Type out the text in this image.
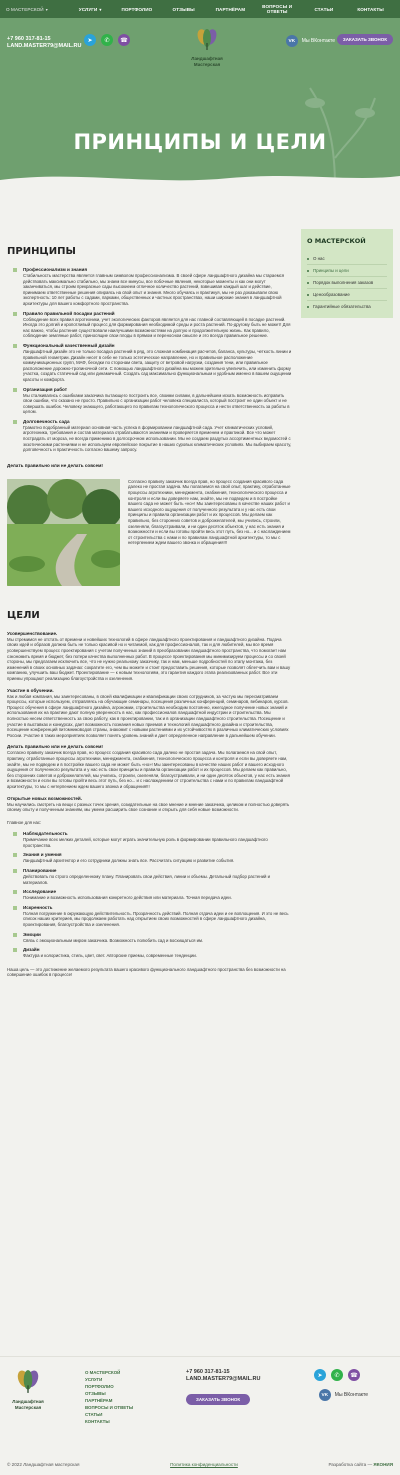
О МАСТЕРСКОЙ ▾	УСЛУГИ ▾	ПОРТФОЛИО	ОТЗЫВЫ	ПАРТНЁРАМ	ВОПРОСЫ И ОТВЕТЫ	СТАТЬИ	КОНТАКТЫ
+7 960 317-81-15
LAND.MASTER79@MAIL.RU
➤	✆	☎
Ландшафтная
Мастерская
VK	Мы ВКонтакте	ЗАКАЗАТЬ ЗВОНОК
ПРИНЦИПЫ И ЦЕЛИ
О МАСТЕРСКОЙ
О нас
Принципы и цели
Порядок выполнения заказов
Ценообразование
Гарантийные обязательства
ПРИНЦИПЫ
Профессионализм и знания
Стабильность мастерства является главным символом профессионализма. В своей сфере ландшафтного дизайна мы стараемся действовать максимально стабильно, мы знаем все минусы, все побочные явления, некоторые моменты и как они могут заканчиваться, мы строим прекрасные сады высокиеем отличное количество растений, взвешивая каждый шаг и действие, принимаем ответственные решения опираясь на свой опыт и знания. Много обучаясь и практикуя, мы не раз доказывали свою экспертность: 10 лет работы с садами, парками, общественных и частных пространствах, наши широкие знания в ландшафтной архитектуры для вашего комфортного пространства.
Правило правильной посадки растений
Соблюдение всех правил агротехники, учет экологических факторов является для нас главной составляющей в посадке растений. Иногда это долгий и кропотливый процесс для формирования необходимой среды и роста растений. По-другому быть не может! Для нас важно, чтобы растения существовали наилучшими возможностями на долгую и продолжительную жизнь. Как правило, соблюдение земляные работ, приносящие свои плоды в прямом и переносном смысле и это всегда правильное решение.
Функциональный качественный дизайн
Ландшафтный дизайн это не только посадка растений в ряд, это сложная комбинация расчетов, баланса, культуры, четкость линии и правильной геометрии. Дизайн несет в себе не только эстетическое направление, но и правильное расположение коммуникационных групп, МАФ, беседки по сторонам света, защиту от ветровой нагрузки, создания тени, или правильное расположение дорожно-тропиночной сети. С помощью ландшафтного дизайна мы можем зрительно увеличить, или изменить форму участка, создать статичный сад или динамичный. Создать сад максимально функциональным и удобным именно в вашем ощущении красоты и комфорта.
Организация работ
Мы сталкивались с ошибками заказчика пытающего построить все, своими силами, в дальнейшем искать возможность исправить свои ошибки, что сказано не просто. Правильно с организации работ человека специалиста, который построит не один объект и не совершать ошибок. Человеку знающего, работающего по правилам технологического процесса и нести ответственность за работы в целом.
Долговечность сада
Грамотно подобранный материал основная часть успеха в формировании ландшафтной сада. Учет климатических условий, агротехника, требования и состав материала отрабатываются знаниями и проверяется временем и практикой. Все что может пострадать от мороза, не всегда применимо в долгосрочном использовании. Мы не создаем раздутых ассортиментных ведомостей с экзотическими растениями и не используем европейское покрытие в наших суровых климатических условиях. Мы выбираем красоту, долговечность и практичность согласно вашему запросу.
Делать правильно или не делать совсем!
Согласно правилу заказчик всегда прав, но процесс создания красивого сада далеко не простая задача. Мы полагаемся на свой опыт, практику, отработанные процессы агротехники, менеджмента, снабжения, технологического процесса и контроля и если вы доверяете нам, знайте, мы не подведем и в постройке вашего сада не может быть «но»! Мы заинтересованы в качестве наших работ и вашего исходного ощущения от полученного результата и у нас есть свои принципы и правила организации работ и их процессов. Мы делаем как правильно, без сторонних советов и доброжелателей, мы учились, строили, озеленяли, благоустраивали, и ни один десяток объектов, у нас есть знания и возможности и если вы готовы пройти весь этот путь, без но... и с наслаждением от строительства с нами и по правилам ландшафтной архитектуры, то мы с нетерпением ждем вашего звонка и обращения!!!
ЦЕЛИ
Усовершенствование.
Мы стремимся не отстать от времени и новейших технологий в сфере ландшафтного проектирования и ландшафтного дизайна. Подача своих идей и образов должна быть не только красивой но и читаемой, как для профессионалов, так и для любителей, мы все время усовершенствуем процесс проектирования с учетом полученных знаний в преобразовании ландшафтного пространства, что помогает нам сэкономить время и бюджет, без потери качества выполненных работ. В процессе проектирования мы минимизируем процессы и со своей стороны, мы предлагаем исключить все, что не нужно реальному заказчику, так и нам, меньше подробностей по этапу монтажа, без изменений в своих основных задачах: сократите его, чем вы можете и стоит предоставить решения, которые позволят облегчить вам и вашу компанию, улучшить ваш бюджет. Проектирование — к новым технологиям, это гарантия каждого этапа реализованных работ. Все эти приемы упрощают реализацию благоустройства и озеленения.
Участие в обучении.
Как и любая компания, мы заинтересованы, в своей квалификации и квалификации своих сотрудников, за частую мы пересматриваем процессы, которые используем, отправляясь на обучающие семинары, посещения различных конференций, семинаров, вебинаров, курсов. Процесс обучения в сфере ландшафтного дизайна, агрономии, строительства необходим постоянно, ежегодное получение новых знаний и использования их на практике дают полную уверенность в нас, как профессионалов ландшафтной индустрии и строительства. Мы полностью несем ответственность за свою работу, как в проектировании, так и в организации ландшафтного строительства. Посещение и участие в выставках и конкурсах, дает возможность познания новых приемов и технологий ландшафтного дизайна и строительства, посещение конференций питомниководов страны, знакомит с новыми растениями и их устойчивостях в различных климатических условиях России. Участие в таких мероприятиях позволяет понять уровень знаний и дает определенное направление в дальнейшем обучении.
Делать правильно или не делать совсем!
Согласно правилу заказчик всегда прав, но процесс создания красивого сада далеко не простая задача. Мы полагаемся на свой опыт, практику, отработанные процессы агротехники, менеджмента, снабжения, технологического процесса и контроля и если вы доверяете нам, знайте, мы не подведем и в постройке вашего сада не может быть «но»! Мы заинтересованы в качестве наших работ и вашего исходного ощущения от полученного результата и у нас есть свои принципы и правила организации работ и их процессов. Мы делаем как правильно, без сторонних советов и доброжелателей, мы учились, строили, озеленяли, благоустраивали, и ни один десяток объектов, у нас есть знания и возможности и если вы готовы пройти весь этот путь, без но... и с наслаждением от строительства с нами и по правилам ландшафтной архитектуры, то мы с нетерпением ждем вашего звонка и обращения!!!
Открытые новых возможностей.
Мы научились смотреть на вещи с разных точек зрения, созидательные на свое мнение и мнение заказчика, целиком и полностью доверять своему опыту и полученным знаниям, мы умеем расширить свое сознание и открыть для себя новые возможности.
Главное для нас:
Наблюдательность
Примечание всех мелких деталей, которые могут играть значительную роль в формировании правильного ландшафтного пространства.
Знания и умения
Ландшафтный архитектор и его сотрудники должны знать все. Рассчитать ситуацию и развитие события.
Планирование
Действовать по строго определенному плану. Планировать свои действия, линии и объемы. Детальный подбор растений и материалов.
Исследование
Понимание и возможность использования конкретного действия или материала. Точная передача идеи.
Искренность
Полная погружение в окружающую действительность. Прозрачность действий. Полная отдача идеи и ее воплощения. И это не весь список наших критериев, мы продолжаем работать над открытием своих возможностей в сфере ландшафтного дизайна, проектирования, благоустройства и озеленения.
Эмоции
Связь с эмоциональным миром заказчика. Возможность полюбить сад и восхищаться им.
Дизайн
Фактура и колористика, стиль, цвет, свет. Авторские приемы, современные тенденции.
Наша цель — это достижение желаемого результата вашего красивого функционального ландшафтного пространства без возможности на совершение ошибок в процессе!
Ландшафтная
Мастерская
О МАСТЕРСКОЙ
УСЛУГИ
ПОРТФОЛИО
ОТЗЫВЫ
ПАРТНЁРАМ
ВОПРОСЫ И ОТВЕТЫ
СТАТЬИ
КОНТАКТЫ
+7 960 317-81-15
LAND.MASTER79@MAIL.RU
ЗАКАЗАТЬ ЗВОНОК
➤	✆	☎
VK	Мы ВКонтакте
© 2022 Ландшафтная мастерская	Политика конфиденциальности	Разработка сайта — ЯКОНИЯ
